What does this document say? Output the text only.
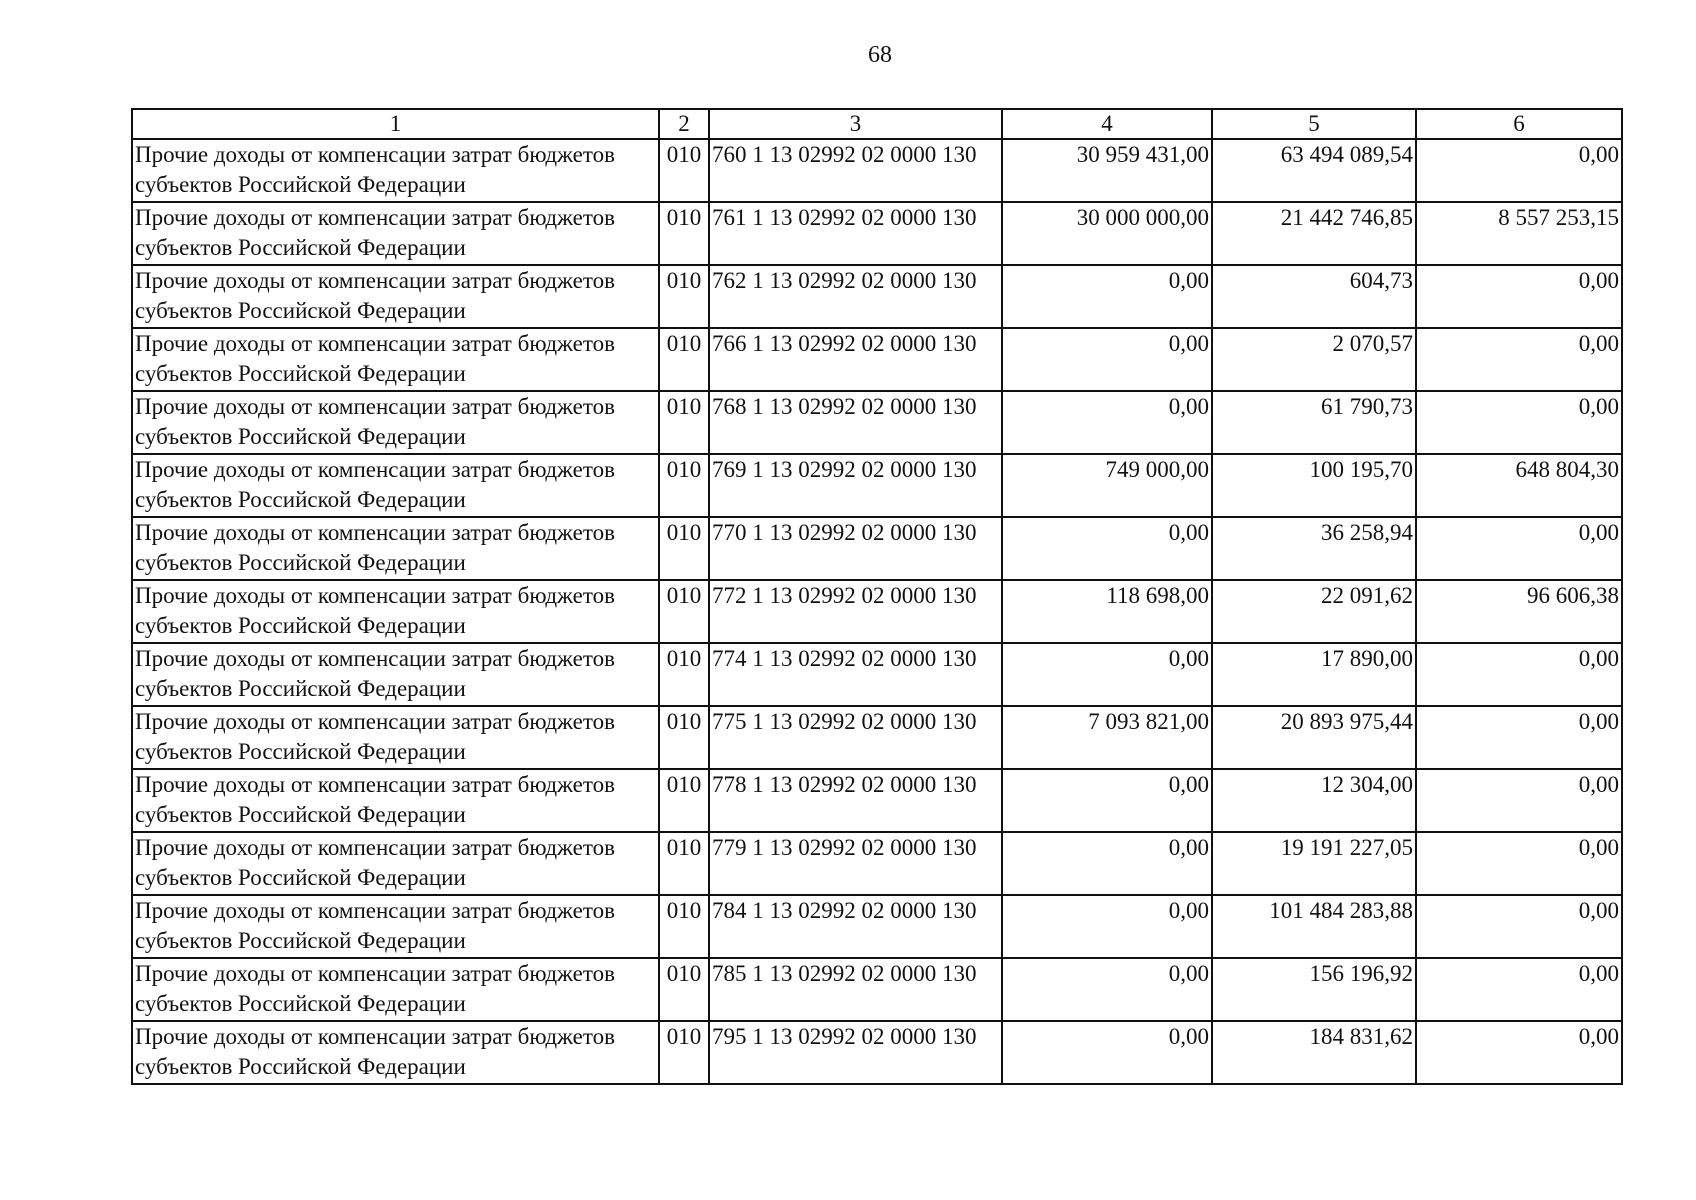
68
1	2	3	4	5	6
Прочие доходы от компенсации затрат бюджетов субъектов Российской Федерации	010	760 1 13 02992 02 0000 130	30 959 431,00	63 494 089,54	0,00
Прочие доходы от компенсации затрат бюджетов субъектов Российской Федерации	010	761 1 13 02992 02 0000 130	30 000 000,00	21 442 746,85	8 557 253,15
Прочие доходы от компенсации затрат бюджетов субъектов Российской Федерации	010	762 1 13 02992 02 0000 130	0,00	604,73	0,00
Прочие доходы от компенсации затрат бюджетов субъектов Российской Федерации	010	766 1 13 02992 02 0000 130	0,00	2 070,57	0,00
Прочие доходы от компенсации затрат бюджетов субъектов Российской Федерации	010	768 1 13 02992 02 0000 130	0,00	61 790,73	0,00
Прочие доходы от компенсации затрат бюджетов субъектов Российской Федерации	010	769 1 13 02992 02 0000 130	749 000,00	100 195,70	648 804,30
Прочие доходы от компенсации затрат бюджетов субъектов Российской Федерации	010	770 1 13 02992 02 0000 130	0,00	36 258,94	0,00
Прочие доходы от компенсации затрат бюджетов субъектов Российской Федерации	010	772 1 13 02992 02 0000 130	118 698,00	22 091,62	96 606,38
Прочие доходы от компенсации затрат бюджетов субъектов Российской Федерации	010	774 1 13 02992 02 0000 130	0,00	17 890,00	0,00
Прочие доходы от компенсации затрат бюджетов субъектов Российской Федерации	010	775 1 13 02992 02 0000 130	7 093 821,00	20 893 975,44	0,00
Прочие доходы от компенсации затрат бюджетов субъектов Российской Федерации	010	778 1 13 02992 02 0000 130	0,00	12 304,00	0,00
Прочие доходы от компенсации затрат бюджетов субъектов Российской Федерации	010	779 1 13 02992 02 0000 130	0,00	19 191 227,05	0,00
Прочие доходы от компенсации затрат бюджетов субъектов Российской Федерации	010	784 1 13 02992 02 0000 130	0,00	101 484 283,88	0,00
Прочие доходы от компенсации затрат бюджетов субъектов Российской Федерации	010	785 1 13 02992 02 0000 130	0,00	156 196,92	0,00
Прочие доходы от компенсации затрат бюджетов субъектов Российской Федерации	010	795 1 13 02992 02 0000 130	0,00	184 831,62	0,00
